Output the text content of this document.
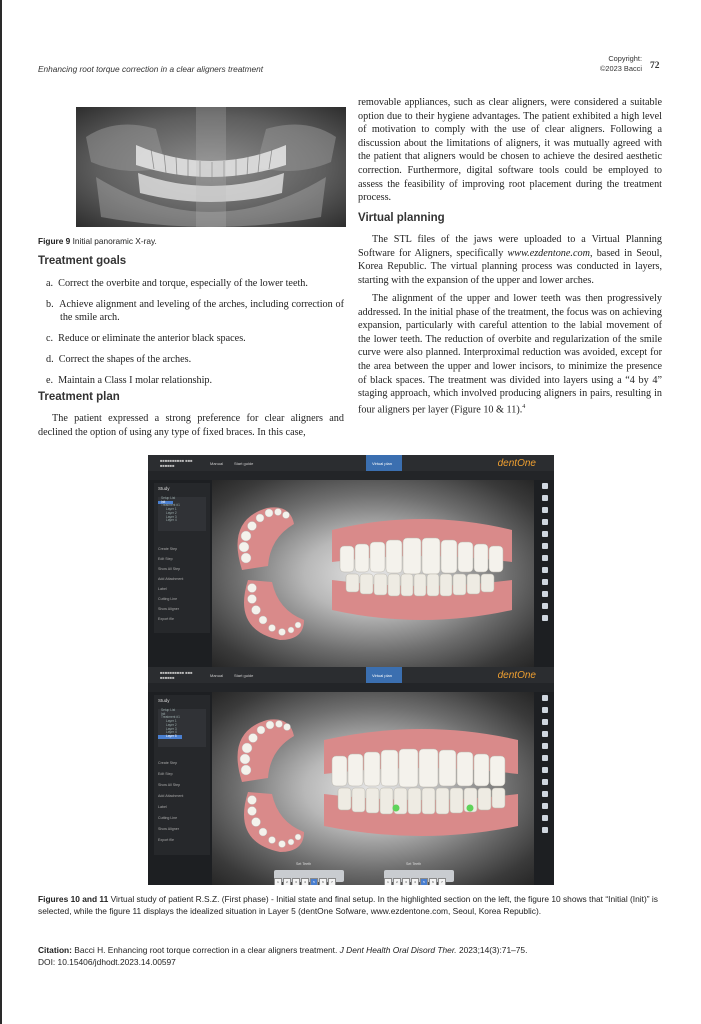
Enhancing root torque correction in a clear aligners treatment
Copyright:
©2023 Bacci 72
Figure 9 Initial panoramic X-ray.
Treatment goals
a.  Correct the overbite and torque, especially of the lower teeth.
b.  Achieve alignment and leveling of the arches, including correction of the smile arch.
c.  Reduce or eliminate the anterior black spaces.
d.  Correct the shapes of the arches.
e.  Maintain a Class I molar relationship.
Treatment plan
The patient expressed a strong preference for clear aligners and declined the option of using any type of fixed braces. In this case,
removable appliances, such as clear aligners, were considered a suitable option due to their hygiene advantages. The patient exhibited a high level of motivation to comply with the use of clear aligners. Following a discussion about the limitations of aligners, it was mutually agreed with the patient that aligners would be chosen to achieve the desired aesthetic correction. Furthermore, digital software tools could be employed to assess the feasibility of improving root placement during the treatment process.
Virtual planning
The STL files of the jaws were uploaded to a Virtual Planning Software for Aligners, specifically www.ezdentone.com, based in Seoul, Korea Republic. The virtual planning process was conducted in layers, starting with the expansion of the upper and lower arches.
The alignment of the upper and lower teeth was then progressively addressed. In the initial phase of the treatment, the focus was on achieving expansion, particularly with careful attention to the labial movement of the lower teeth. The reduction of overbite and regularization of the smile curve were also planned. Interproximal reduction was avoided, except for the area between the upper and lower incisors, to minimize the presence of black spaces. The treatment was divided into layers using a “4 by 4” staging approach, which involved producing aligners in pairs, resulting in four aligners per layer (Figure 10 & 11).$^4$
■■■■■■■■■■ ■■■
■■■■■■	Manual	Start guide	Virtual plan	dentOne
Study
Setup List
Init
Treatment #1
Layer 1
Layer 2
Layer 3
Layer 4
Create Step
Edit Step
Show All Step
Add Attachment
Label
Cutting Line
Show Aligner
Export file
■■■■■■■■■■ ■■■
■■■■■■	Manual	Start guide	Virtual plan	dentOne
Study
Setup List
Init
Treatment #1
Layer 1
Layer 2
Layer 3
Layer 4
Layer 5
Create Step
Edit Step
Show All Step
Add Attachment
Label
Cutting Line
Show Aligner
Export file
Set Teeth
1 2 3 4 5 6 7
Set Teeth
1 2 3 4 5 6 7
Figures 10 and 11 Virtual study of patient R.S.Z. (First phase) - Initial state and final setup. In the highlighted section on the left, the figure 10 shows that “Initial (Init)” is selected, while the figure 11 displays the idealized situation in Layer 5 (dentOne Sofware, www.ezdentone.com, Seoul, Korea Republic).
Citation: Bacci H. Enhancing root torque correction in a clear aligners treatment. J Dent Health Oral Disord Ther. 2023;14(3):71‒75.
DOI: 10.15406/jdhodt.2023.14.00597
